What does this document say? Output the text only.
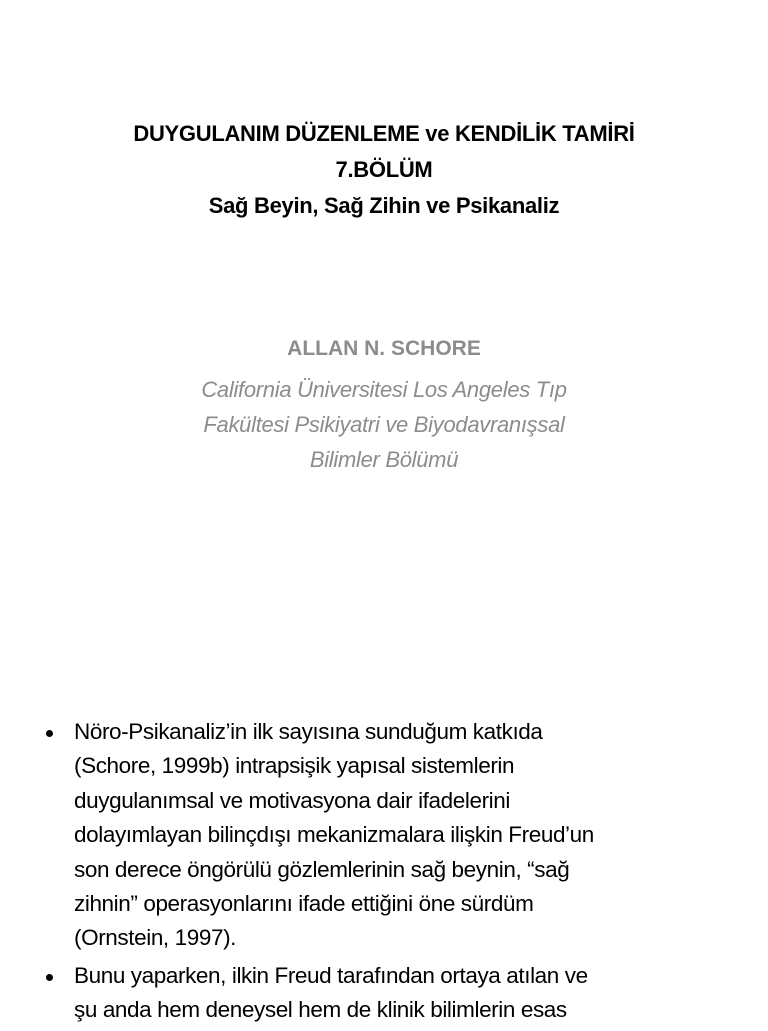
DUYGULANIM DÜZENLEME ve KENDİLİK TAMİRİ
7.BÖLÜM
Sağ Beyin, Sağ Zihin ve Psikanaliz
ALLAN N. SCHORE
California Üniversitesi Los Angeles Tıp
Fakültesi Psikiyatri ve Biyodavranışsal
Bilimler Bölümü
Nöro-Psikanaliz’in ilk sayısına sunduğum katkıda
(Schore, 1999b) intrapsişik yapısal sistemlerin
duygulanımsal ve motivasyona dair ifadelerini
dolayımlayan bilinçdışı mekanizmalara ilişkin Freud’un
son derece öngörülü gözlemlerinin sağ beynin, “sağ
zihnin” operasyonlarını ifade ettiğini öne sürdüm
(Ornstein, 1997).
Bunu yaparken, ilkin Freud tarafından ortaya atılan ve
şu anda hem deneysel hem de klinik bilimlerin esas
